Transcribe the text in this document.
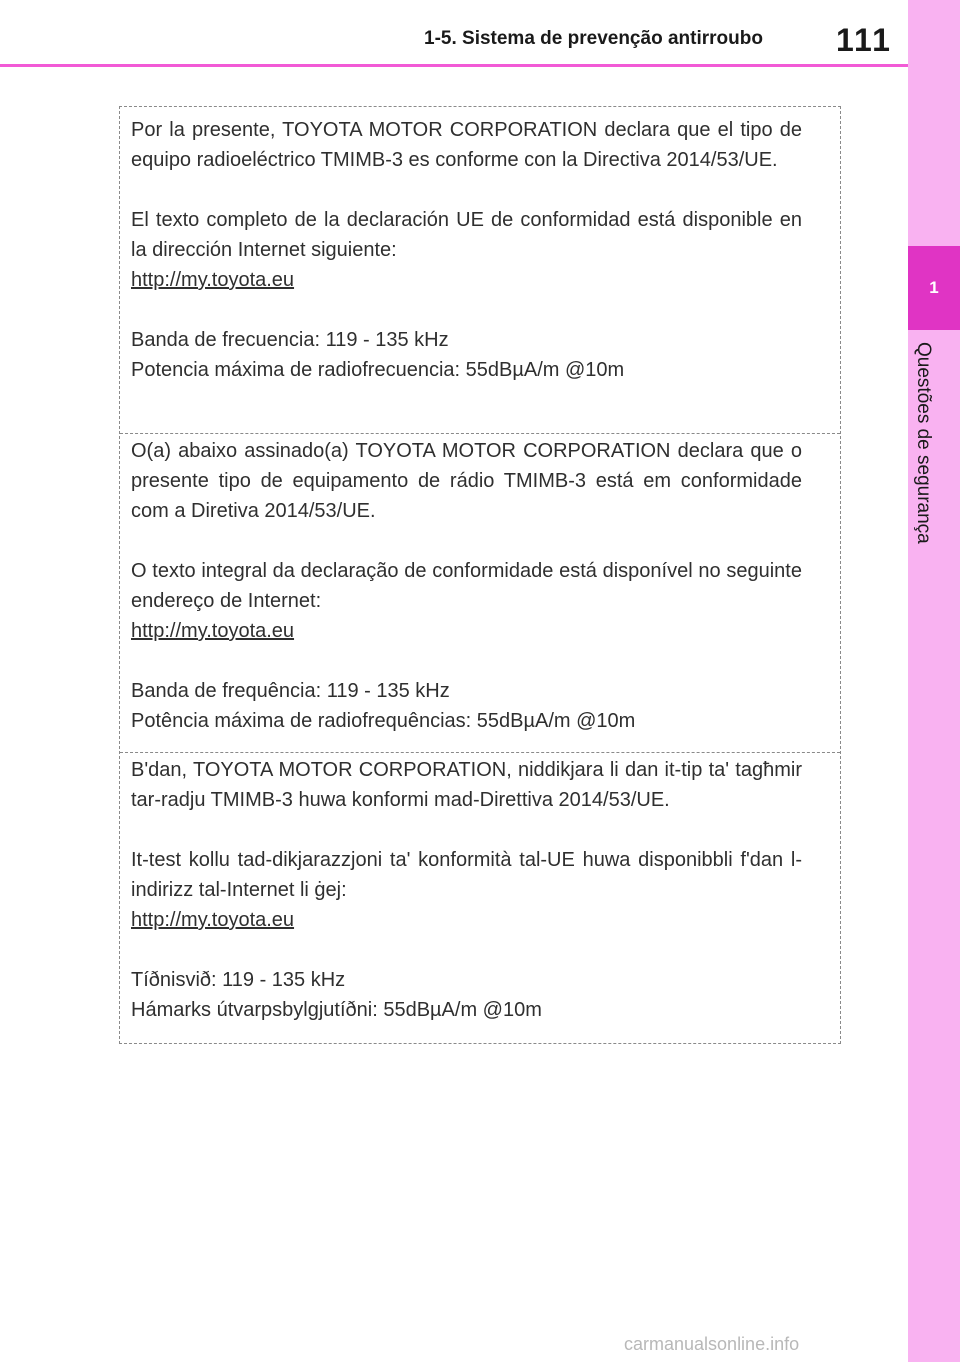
1-5. Sistema de prevenção antirroubo	111
1
Questões de segurança

Por la presente, TOYOTA MOTOR CORPORATION declara que el tipo de equipo radioeléctrico TMIMB-3 es conforme con la Directiva 2014/53/UE.

El texto completo de la declaración UE de conformidad está disponible en la dirección Internet siguiente:
http://my.toyota.eu

Banda de frecuencia: 119 - 135 kHz
Potencia máxima de radiofrecuencia: 55dBµA/m @10m

O(a) abaixo assinado(a) TOYOTA MOTOR CORPORATION declara que o presente tipo de equipamento de rádio TMIMB-3 está em conformidade com a Diretiva 2014/53/UE.

O texto integral da declaração de conformidade está disponível no seguinte endereço de Internet:
http://my.toyota.eu

Banda de frequência: 119 - 135 kHz
Potência máxima de radiofrequências: 55dBµA/m @10m

B'dan, TOYOTA MOTOR CORPORATION, niddikjara li dan it-tip ta' tagħmir tar-radju TMIMB-3 huwa konformi mad-Direttiva 2014/53/UE.

It-test kollu tad-dikjarazzjoni ta' konformità tal-UE huwa disponibbli f'dan l-indirizz tal-Internet li ġej:
http://my.toyota.eu

Tíðnisvið: 119 - 135 kHz
Hámarks útvarpsbylgjutíðni: 55dBµA/m @10m

carmanualsonline.info
